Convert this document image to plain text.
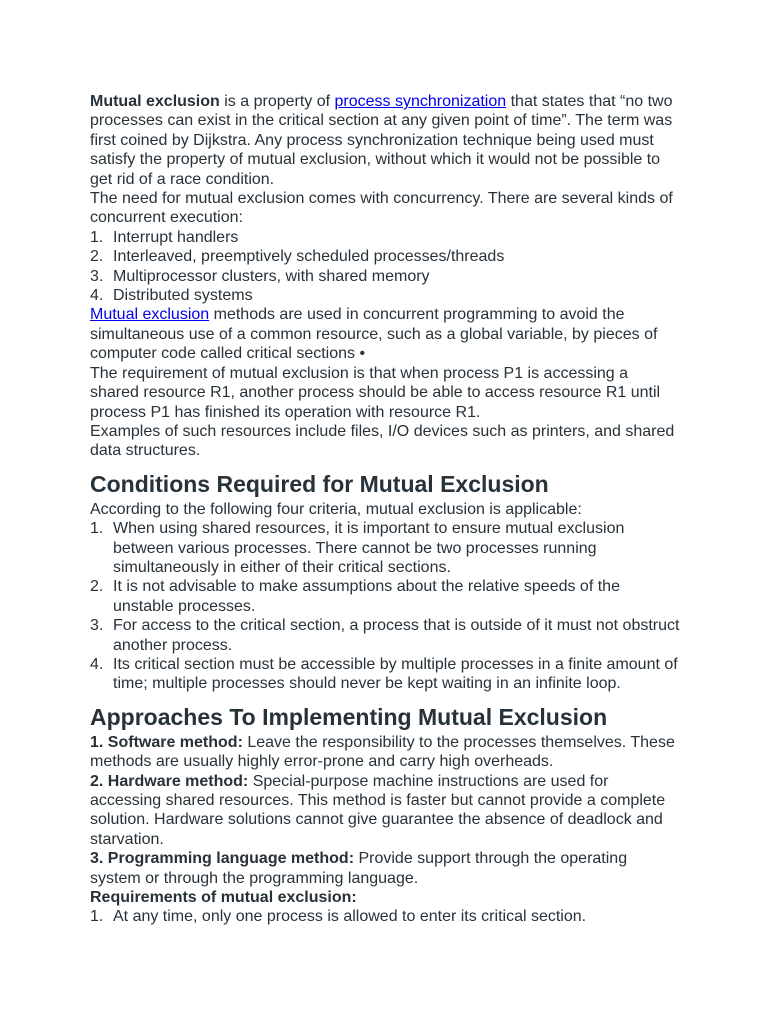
Mutual exclusion is a property of process synchronization that states that “no two processes can exist in the critical section at any given point of time”. The term was first coined by Dijkstra. Any process synchronization technique being used must satisfy the property of mutual exclusion, without which it would not be possible to get rid of a race condition.

The need for mutual exclusion comes with concurrency. There are several kinds of concurrent execution:

1. Interrupt handlers
2. Interleaved, preemptively scheduled processes/threads
3. Multiprocessor clusters, with shared memory
4. Distributed systems

Mutual exclusion methods are used in concurrent programming to avoid the simultaneous use of a common resource, such as a global variable, by pieces of computer code called critical sections •

The requirement of mutual exclusion is that when process P1 is accessing a shared resource R1, another process should be able to access resource R1 until process P1 has finished its operation with resource R1.

Examples of such resources include files, I/O devices such as printers, and shared data structures.

Conditions Required for Mutual Exclusion

According to the following four criteria, mutual exclusion is applicable:

1. When using shared resources, it is important to ensure mutual exclusion between various processes. There cannot be two processes running simultaneously in either of their critical sections.
2. It is not advisable to make assumptions about the relative speeds of the unstable processes.
3. For access to the critical section, a process that is outside of it must not obstruct another process.
4. Its critical section must be accessible by multiple processes in a finite amount of time; multiple processes should never be kept waiting in an infinite loop.
Approaches To Implementing Mutual Exclusion

1. Software method: Leave the responsibility to the processes themselves. These methods are usually highly error-prone and carry high overheads.

2. Hardware method: Special-purpose machine instructions are used for accessing shared resources. This method is faster but cannot provide a complete solution. Hardware solutions cannot give guarantee the absence of deadlock and starvation.

3. Programming language method: Provide support through the operating system or through the programming language.

Requirements of mutual exclusion:

1. At any time, only one process is allowed to enter its critical section.
